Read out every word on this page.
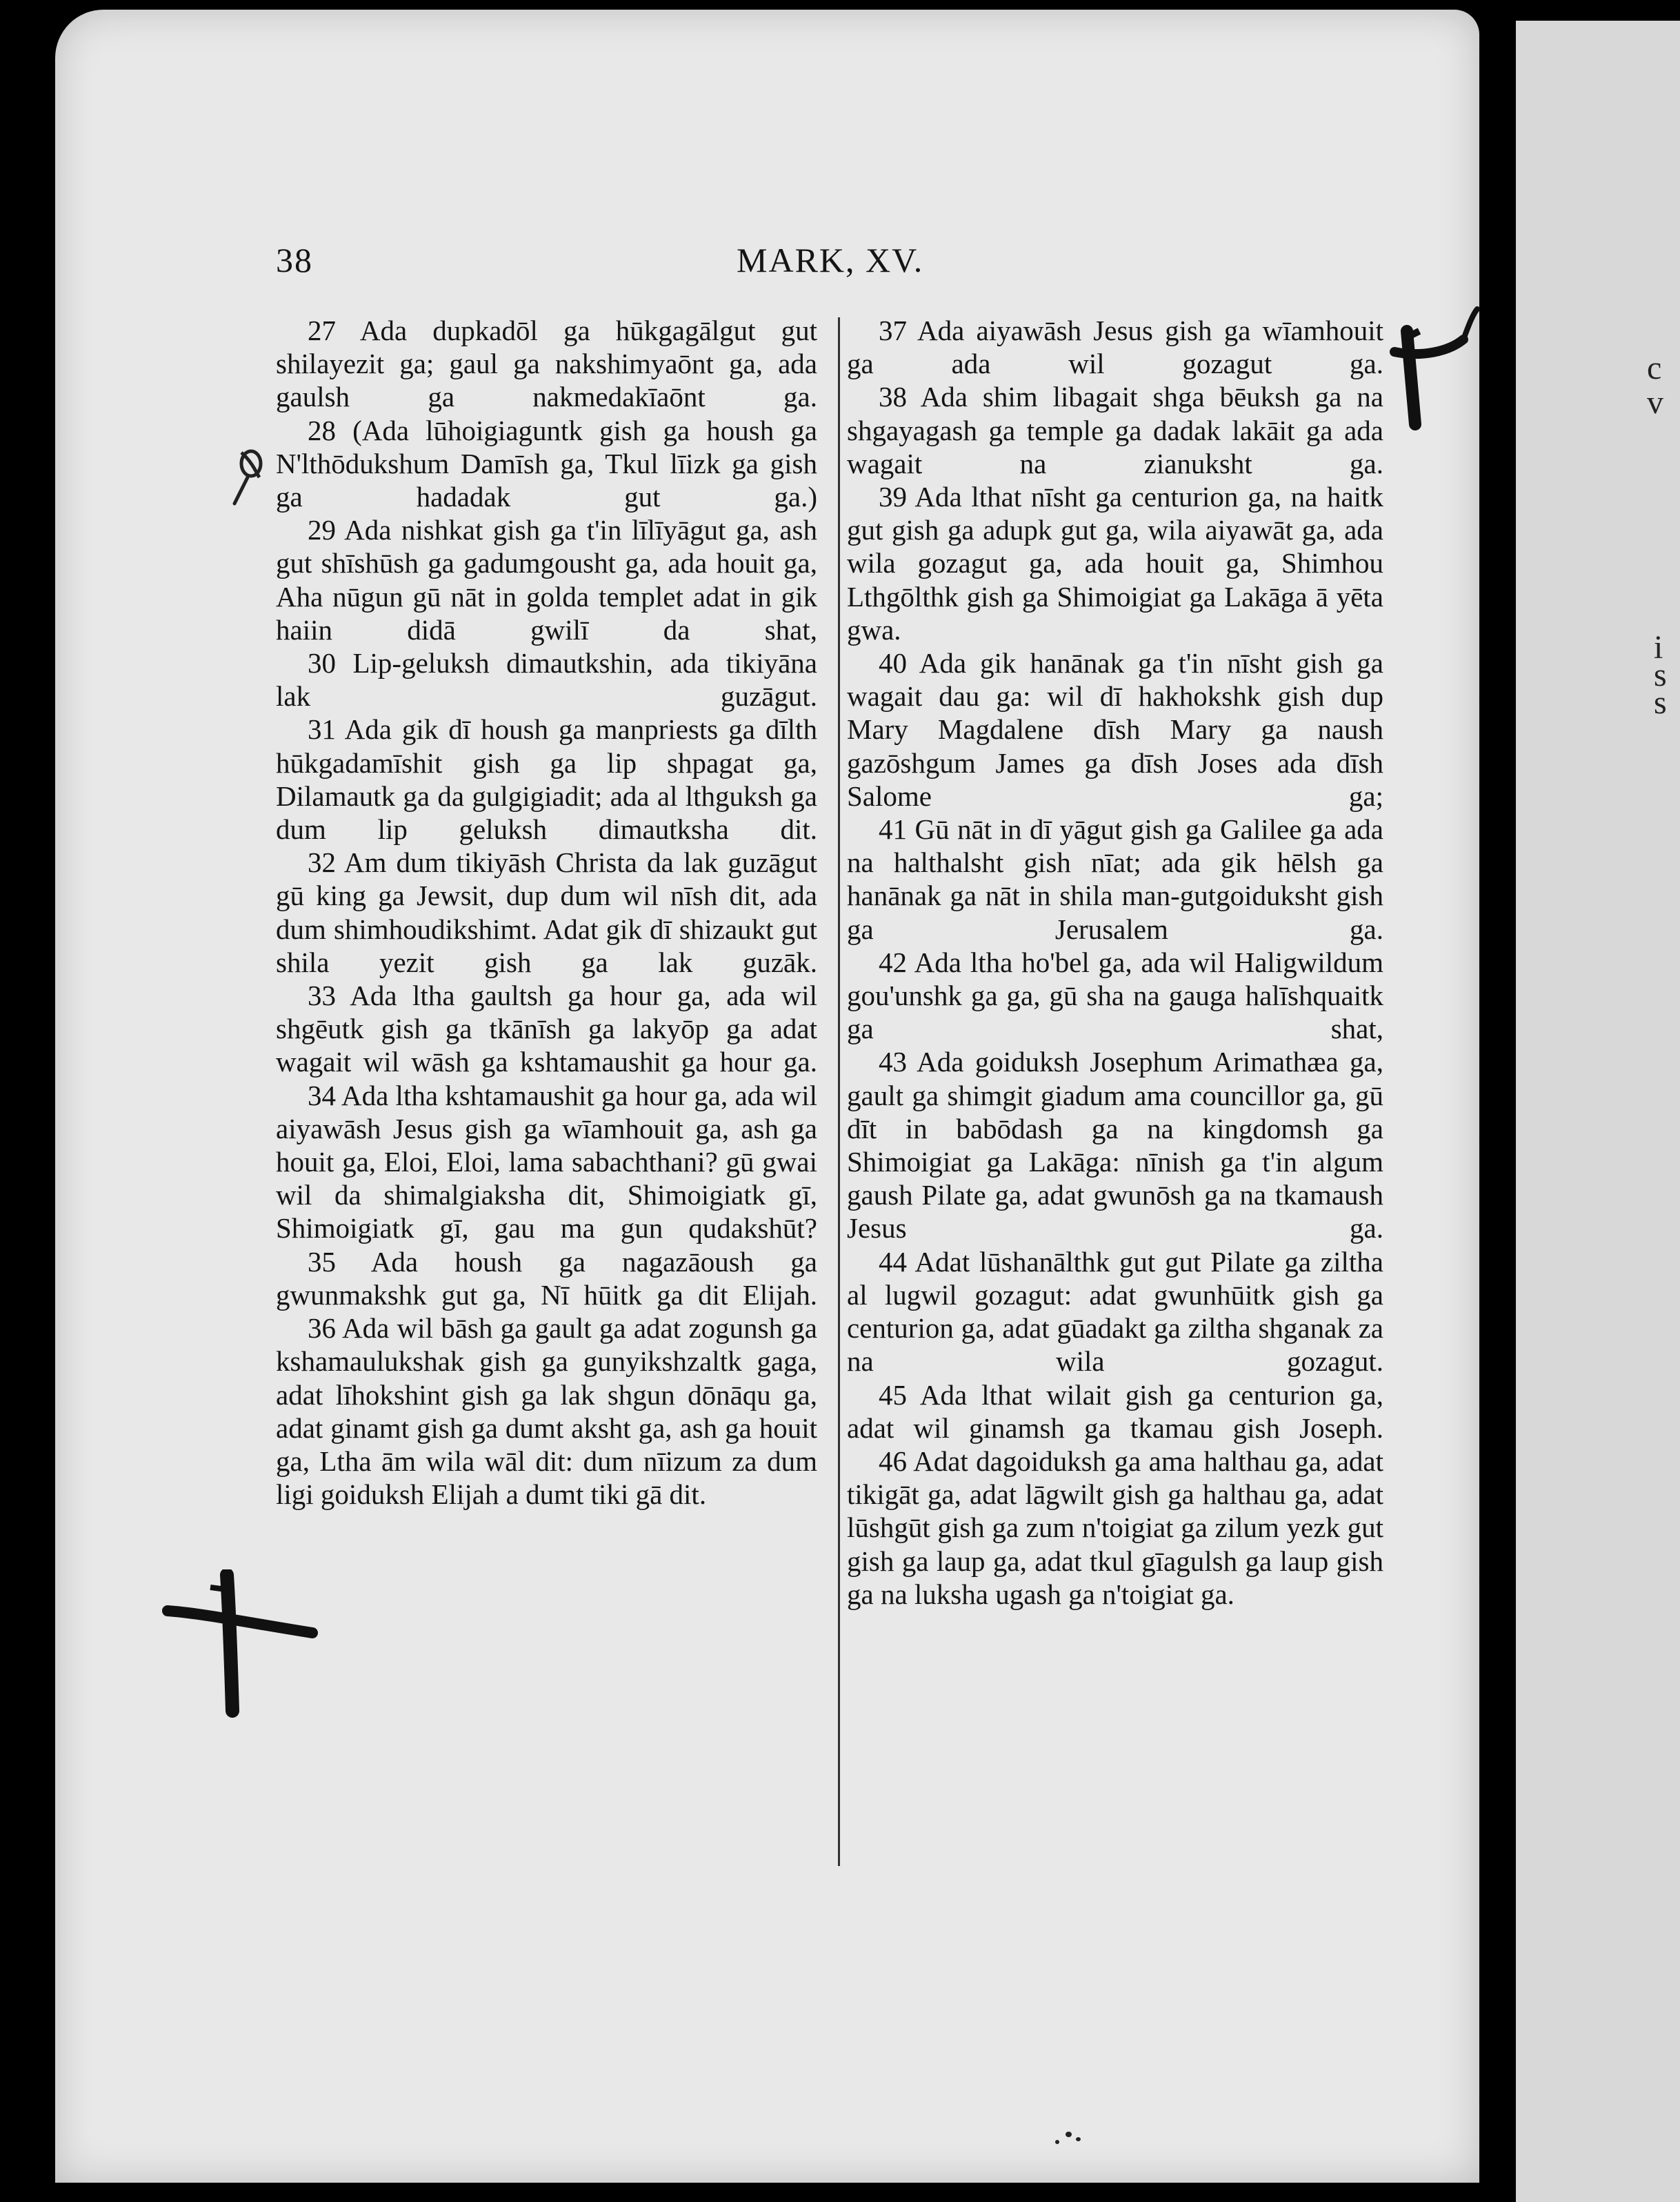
c
v
i
s
s
38	MARK, XV.

27 Ada dupkadōl ga hūkgagālgut gut shilayezit ga; gaul ga nakshimyaōnt ga, ada gaulsh ga nakmedakīaōnt ga.

28 (Ada lūhoigiaguntk gish ga housh ga N'lthōdukshum Damīsh ga, Tkul līizk ga gish ga hadadak gut ga.)

29 Ada nishkat gish ga t'in līlīyāgut ga, ash gut shīshūsh ga gadumgousht ga, ada houit ga, Aha nūgun gū nāt in golda templet adat in gik haiin didā gwilī da shat,

30 Lip-geluksh dimautkshin, ada tikiyāna lak guzāgut.

31 Ada gik dī housh ga manpriests ga dīlth hūkgadamīshit gish ga lip shpagat ga, Dilamautk ga da gulgigiadit; ada al lthguksh ga dum lip geluksh dimautksha dit.

32 Am dum tikiyāsh Christa da lak guzāgut gū king ga Jewsit, dup dum wil nīsh dit, ada dum shimhoudikshimt. Adat gik dī shizaukt gut shila yezit gish ga lak guzāk.

33 Ada ltha gaultsh ga hour ga, ada wil shgēutk gish ga tkānīsh ga lakyōp ga adat wagait wil wāsh ga kshtamaushit ga hour ga.

34 Ada ltha kshtamaushit ga hour ga, ada wil aiyawāsh Jesus gish ga wīamhouit ga, ash ga houit ga, Eloi, Eloi, lama sabachthani? gū gwai wil da shimalgiaksha dit, Shimoigiatk gī, Shimoigiatk gī, gau ma gun qudakshūt?

35 Ada housh ga nagazāoush ga gwunmakshk gut ga, Nī hūitk ga dit Elijah.

36 Ada wil bāsh ga gault ga adat zogunsh ga kshamaulukshak gish ga gunyikshzaltk gaga, adat līhokshint gish ga lak shgun dōnāqu ga, adat ginamt gish ga dumt aksht ga, ash ga houit ga, Ltha ām wila wāl dit: dum nīizum za dum ligi goiduksh Elijah a dumt tiki gā dit.

37 Ada aiyawāsh Jesus gish ga wīamhouit ga ada wil gozagut ga.

38 Ada shim libagait shga bēuksh ga na shgayagash ga temple ga dadak lakāit ga ada wagait na zianuksht ga.

39 Ada lthat nīsht ga centurion ga, na haitk gut gish ga adupk gut ga, wila aiyawāt ga, ada wila gozagut ga, ada houit ga, Shimhou Lthgōlthk gish ga Shimoigiat ga Lakāga ā yēta gwa.

40 Ada gik hanānak ga t'in nīsht gish ga wagait dau ga: wil dī hakhokshk gish dup Mary Magdalene dīsh Mary ga naush gazōshgum James ga dīsh Joses ada dīsh Salome ga;

41 Gū nāt in dī yāgut gish ga Galilee ga ada na halthalsht gish nīat; ada gik hēlsh ga hanānak ga nāt in shila man-gutgoiduksht gish ga Jerusalem ga.

42 Ada ltha ho'bel ga, ada wil Haligwildum gou'unshk ga ga, gū sha na gauga halīshquaitk ga shat,

43 Ada goiduksh Josephum Arimathæa ga, gault ga shimgit giadum ama councillor ga, gū dīt in babōdash ga na kingdomsh ga Shimoigiat ga Lakāga: nīnish ga t'in algum gaush Pilate ga, adat gwunōsh ga na tkamaush Jesus ga.

44 Adat lūshanālthk gut gut Pilate ga ziltha al lugwil gozagut: adat gwunhūitk gish ga centurion ga, adat gūadakt ga ziltha shganak za na wila gozagut.

45 Ada lthat wilait gish ga centurion ga, adat wil ginamsh ga tkamau gish Joseph.

46 Adat dagoiduksh ga ama halthau ga, adat tikigāt ga, adat lāgwilt gish ga halthau ga, adat lūshgūt gish ga zum n'toigiat ga zilum yezk gut gish ga laup ga, adat tkul gīagulsh ga laup gish ga na luksha ugash ga n'toigiat ga.
